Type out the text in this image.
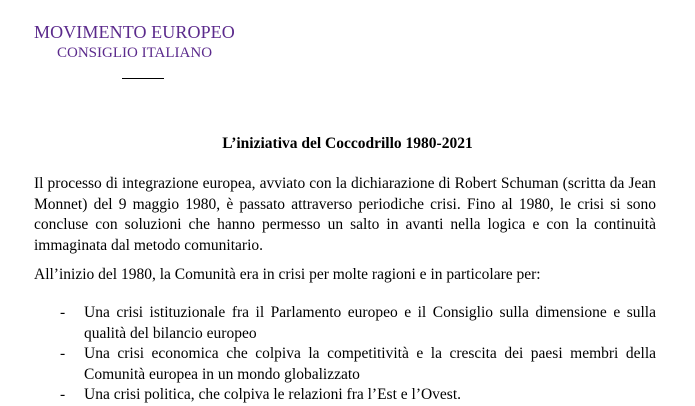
MOVIMENTO EUROPEO
CONSIGLIO ITALIANO
L’iniziativa del Coccodrillo 1980-2021

Il processo di integrazione europea, avviato con la dichiarazione di Robert Schuman (scritta da Jean Monnet) del 9 maggio 1980, è passato attraverso periodiche crisi. Fino al 1980, le crisi si sono concluse con soluzioni che hanno permesso un salto in avanti nella logica e con la continuità immaginata dal metodo comunitario.

All’inizio del 1980, la Comunità era in crisi per molte ragioni e in particolare per:

- Una crisi istituzionale fra il Parlamento europeo e il Consiglio sulla dimensione e sulla qualità del bilancio europeo
- Una crisi economica che colpiva la competitività e la crescita dei paesi membri della Comunità europea in un mondo globalizzato
- Una crisi politica, che colpiva le relazioni fra l’Est e l’Ovest.
